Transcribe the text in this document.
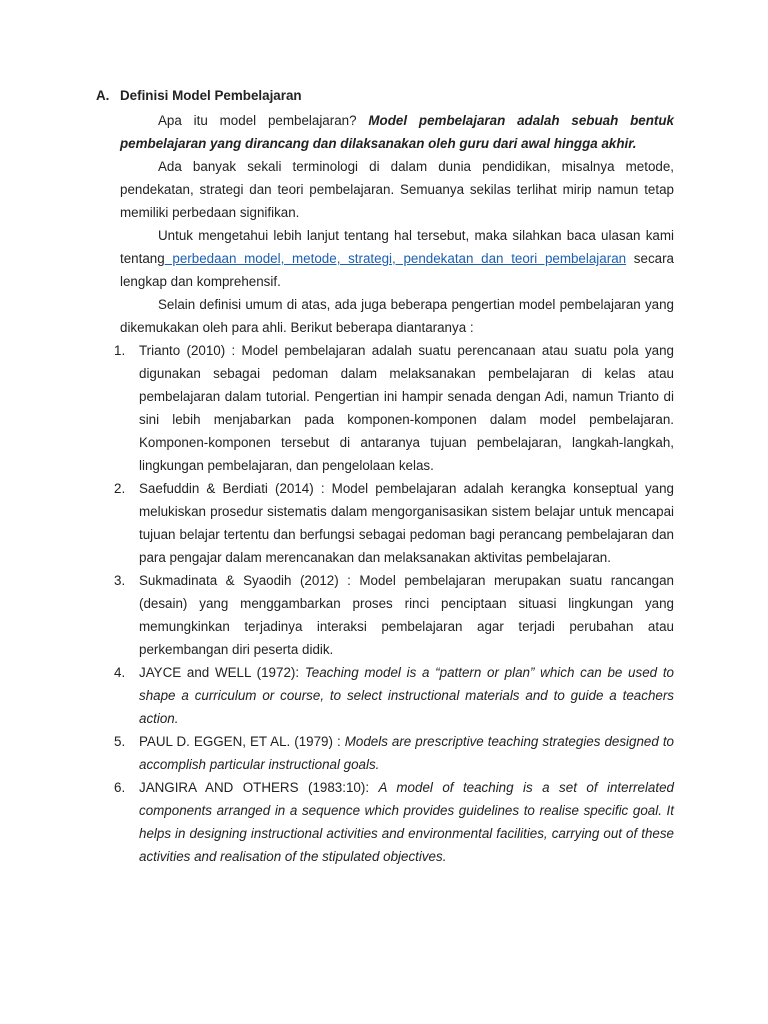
A. Definisi Model Pembelajaran

Apa itu model pembelajaran? Model pembelajaran adalah sebuah bentuk pembelajaran yang dirancang dan dilaksanakan oleh guru dari awal hingga akhir.

Ada banyak sekali terminologi di dalam dunia pendidikan, misalnya metode, pendekatan, strategi dan teori pembelajaran. Semuanya sekilas terlihat mirip namun tetap memiliki perbedaan signifikan.

Untuk mengetahui lebih lanjut tentang hal tersebut, maka silahkan baca ulasan kami tentang perbedaan model, metode, strategi, pendekatan dan teori pembelajaran secara lengkap dan komprehensif.

Selain definisi umum di atas, ada juga beberapa pengertian model pembelajaran yang dikemukakan oleh para ahli. Berikut beberapa diantaranya :

1. Trianto (2010) : Model pembelajaran adalah suatu perencanaan atau suatu pola yang digunakan sebagai pedoman dalam melaksanakan pembelajaran di kelas atau pembelajaran dalam tutorial. Pengertian ini hampir senada dengan Adi, namun Trianto di sini lebih menjabarkan pada komponen-komponen dalam model pembelajaran. Komponen-komponen tersebut di antaranya tujuan pembelajaran, langkah-langkah, lingkungan pembelajaran, dan pengelolaan kelas.
2. Saefuddin & Berdiati (2014) : Model pembelajaran adalah kerangka konseptual yang melukiskan prosedur sistematis dalam mengorganisasikan sistem belajar untuk mencapai tujuan belajar tertentu dan berfungsi sebagai pedoman bagi perancang pembelajaran dan para pengajar dalam merencanakan dan melaksanakan aktivitas pembelajaran.
3. Sukmadinata & Syaodih (2012) : Model pembelajaran merupakan suatu rancangan (desain) yang menggambarkan proses rinci penciptaan situasi lingkungan yang memungkinkan terjadinya interaksi pembelajaran agar terjadi perubahan atau perkembangan diri peserta didik.
4. JAYCE and WELL (1972): Teaching model is a “pattern or plan” which can be used to shape a curriculum or course, to select instructional materials and to guide a teachers action.
5. PAUL D. EGGEN, ET AL. (1979) : Models are prescriptive teaching strategies designed to accomplish particular instructional goals.
6. JANGIRA AND OTHERS (1983:10): A model of teaching is a set of interrelated components arranged in a sequence which provides guidelines to realise specific goal. It helps in designing instructional activities and environmental facilities, carrying out of these activities and realisation of the stipulated objectives.
